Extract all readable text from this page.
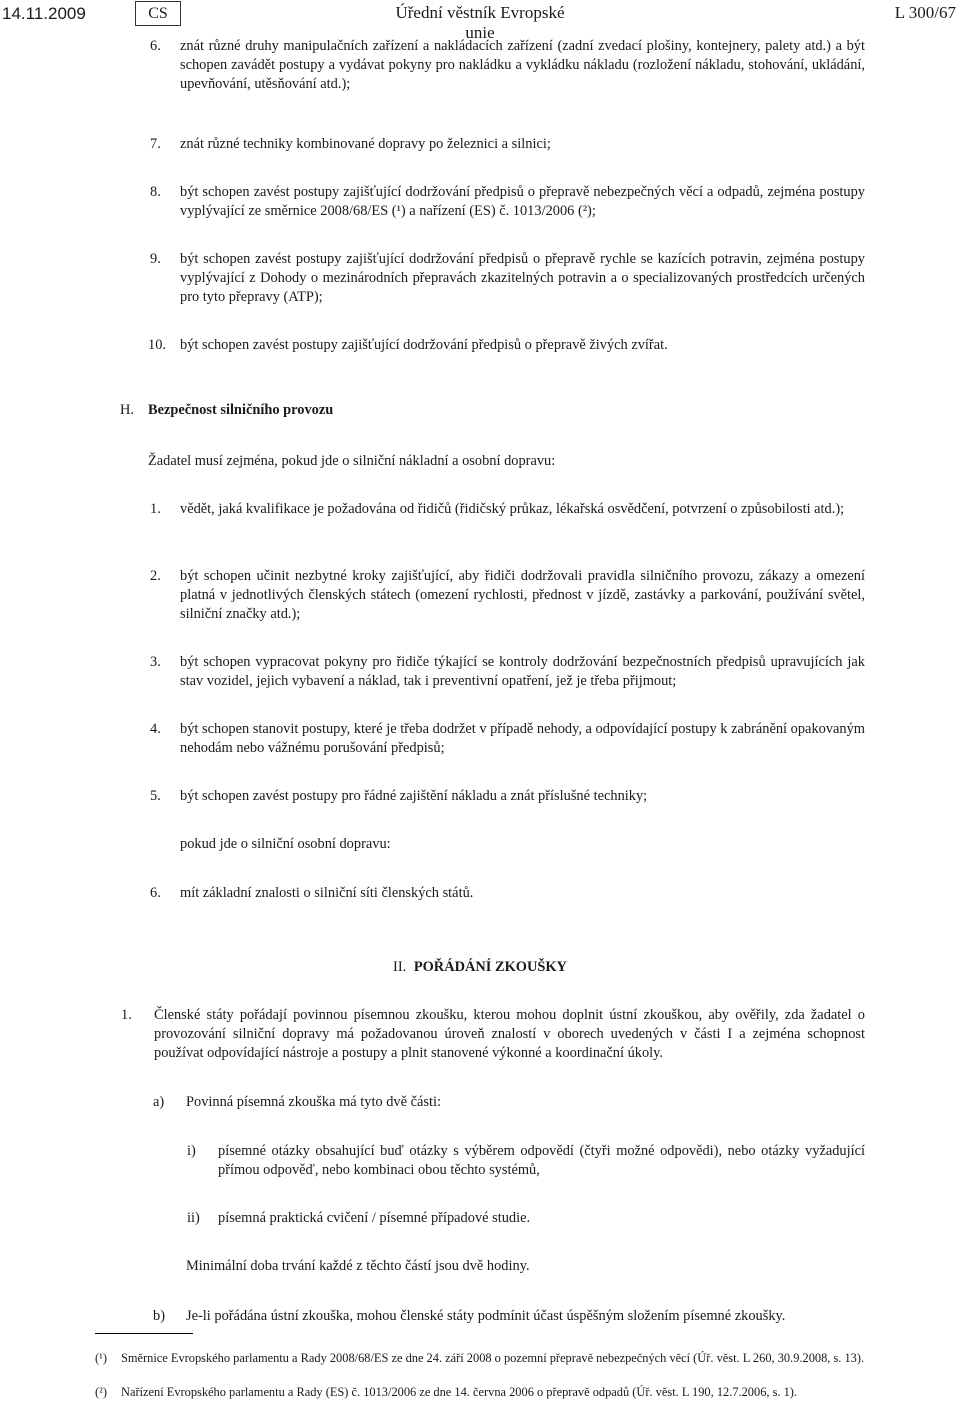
14.11.2009	CS	Úřední věstník Evropské unie
L 300/67
6. znát různé druhy manipulačních zařízení a nakládacích zařízení (zadní zvedací plošiny, kontejnery, palety atd.) a být schopen zavádět postupy a vydávat pokyny pro nakládku a vykládku nákladu (rozložení nákladu, stohování, ukládání, upevňování, utěsňování atd.);
7. znát různé techniky kombinované dopravy po železnici a silnici;
8. být schopen zavést postupy zajišťující dodržování předpisů o přepravě nebezpečných věcí a odpadů, zejména postupy vyplývající ze směrnice 2008/68/ES (¹) a nařízení (ES) č. 1013/2006 (²);
9. být schopen zavést postupy zajišťující dodržování předpisů o přepravě rychle se kazících potravin, zejména postupy vyplývající z Dohody o mezinárodních přepravách zkazitelných potravin a o specializovaných prostředcích určených pro tyto přepravy (ATP);
10. být schopen zavést postupy zajišťující dodržování předpisů o přepravě živých zvířat.
H. Bezpečnost silničního provozu
Žadatel musí zejména, pokud jde o silniční nákladní a osobní dopravu:
1. vědět, jaká kvalifikace je požadována od řidičů (řidičský průkaz, lékařská osvědčení, potvrzení o způsobilosti atd.);
2. být schopen učinit nezbytné kroky zajišťující, aby řidiči dodržovali pravidla silničního provozu, zákazy a omezení platná v jednotlivých členských státech (omezení rychlosti, přednost v jízdě, zastávky a parkování, používání světel, silniční značky atd.);
3. být schopen vypracovat pokyny pro řidiče týkající se kontroly dodržování bezpečnostních předpisů upravujících jak stav vozidel, jejich vybavení a náklad, tak i preventivní opatření, jež je třeba přijmout;
4. být schopen stanovit postupy, které je třeba dodržet v případě nehody, a odpovídající postupy k zabránění opakovaným nehodám nebo vážnému porušování předpisů;
5. být schopen zavést postupy pro řádné zajištění nákladu a znát příslušné techniky;
pokud jde o silniční osobní dopravu:
6. mít základní znalosti o silniční síti členských států.
II. POŘÁDÁNÍ ZKOUŠKY
1. Členské státy pořádají povinnou písemnou zkoušku, kterou mohou doplnit ústní zkouškou, aby ověřily, zda žadatel o provozování silniční dopravy má požadovanou úroveň znalostí v oborech uvedených v části I a zejména schopnost používat odpovídající nástroje a postupy a plnit stanovené výkonné a koordinační úkoly.
a) Povinná písemná zkouška má tyto dvě části:
i) písemné otázky obsahující buď otázky s výběrem odpovědí (čtyři možné odpovědi), nebo otázky vyžadující přímou odpověď, nebo kombinaci obou těchto systémů,
ii) písemná praktická cvičení / písemné případové studie.
Minimální doba trvání každé z těchto částí jsou dvě hodiny.
b) Je-li pořádána ústní zkouška, mohou členské státy podmínit účast úspěšným složením písemné zkoušky.
(¹) Směrnice Evropského parlamentu a Rady 2008/68/ES ze dne 24. září 2008 o pozemní přepravě nebezpečných věcí (Úř. věst. L 260, 30.9.2008, s. 13).
(²) Nařízení Evropského parlamentu a Rady (ES) č. 1013/2006 ze dne 14. června 2006 o přepravě odpadů (Úř. věst. L 190, 12.7.2006, s. 1).
